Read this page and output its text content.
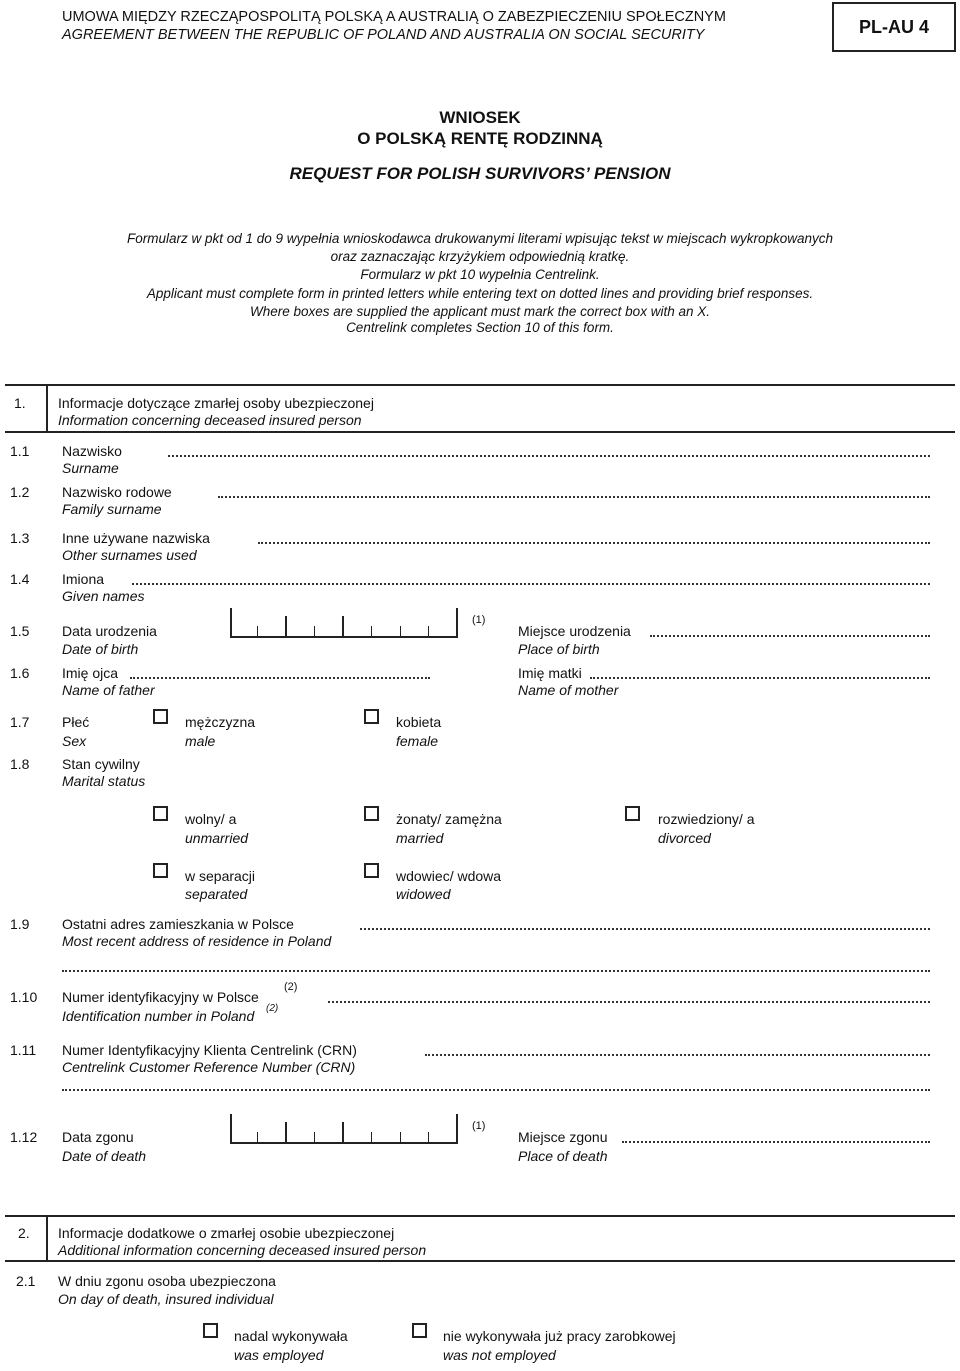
UMOWA MIĘDZY RZECZĄPOSPOLITĄ POLSKĄ A AUSTRALIĄ O ZABEZPIECZENIU SPOŁECZNYM
AGREEMENT BETWEEN THE REPUBLIC OF POLAND AND AUSTRALIA ON SOCIAL SECURITY	PL-AU 4
WNIOSEK
O POLSKĄ RENTĘ RODZINNĄ
REQUEST FOR POLISH SURVIVORS’ PENSION
Formularz w pkt od 1 do 9 wypełnia wnioskodawca drukowanymi literami wpisując tekst w miejscach wykropkowanych
oraz zaznaczając krzyżykiem odpowiednią kratkę.
Formularz w pkt 10 wypełnia Centrelink.
Applicant must complete form in printed letters while entering text on dotted lines and providing brief responses.
Where boxes are supplied the applicant must mark the correct box with an X.
Centrelink completes Section 10 of this form.
1. Informacje dotyczące zmarłej osoby ubezpieczonej
Information concerning deceased insured person
1.1 Nazwisko
Surname
1.2 Nazwisko rodowe
Family surname
1.3 Inne używane nazwiska
Other surnames used
1.4 Imiona
Given names
1.5 Data urodzenia
Date of birth
(1)
Miejsce urodzenia
Place of birth
1.6 Imię ojca
Name of father
Imię matki
Name of mother
1.7 Płeć
Sex
mężczyzna
male
kobieta
female
1.8 Stan cywilny
Marital status
wolny/ a
unmarried
żonaty/ zamężna
married
rozwiedziony/ a
divorced
w separacji
separated
wdowiec/ wdowa
widowed
1.9 Ostatni adres zamieszkania w Polsce
Most recent address of residence in Poland
1.10 Numer identyfikacyjny w Polsce
(2)
Identification number in Poland (2)
1.11 Numer Identyfikacyjny Klienta Centrelink (CRN)
Centrelink Customer Reference Number (CRN)
1.12 Data zgonu
Date of death
(1)
Miejsce zgonu
Place of death
2. Informacje dodatkowe o zmarłej osobie ubezpieczonej
Additional information concerning deceased insured person
2.1 W dniu zgonu osoba ubezpieczona
On day of death, insured individual
nadal wykonywała
was employed
nie wykonywała już pracy zarobkowej
was not employed
